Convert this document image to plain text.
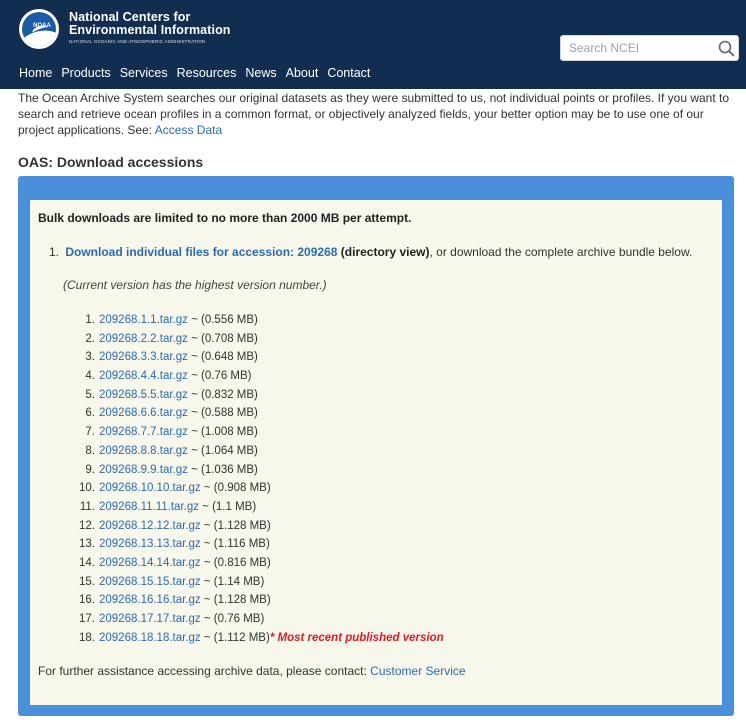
NOAA
National Centers for
Environmental Information
NATIONAL OCEANIC AND ATMOSPHERIC ADMINISTRATION
Search NCEI
Home Products Services Resources News About Contact

The Ocean Archive System searches our original datasets as they were submitted to us, not individual points or profiles. If you want to search and retrieve ocean profiles in a common format, or objectively analyzed fields, your better option may be to use one of our project applications. See: Access Data

OAS: Download accessions
Bulk downloads are limited to no more than 2000 MB per attempt.
1. Download individual files for accession: 209268 (directory view), or download the complete archive bundle below.
(Current version has the highest version number.)
1. 209268.1.1.tar.gz ~ (0.556 MB)
2. 209268.2.2.tar.gz ~ (0.708 MB)
3. 209268.3.3.tar.gz ~ (0.648 MB)
4. 209268.4.4.tar.gz ~ (0.76 MB)
5. 209268.5.5.tar.gz ~ (0.832 MB)
6. 209268.6.6.tar.gz ~ (0.588 MB)
7. 209268.7.7.tar.gz ~ (1.008 MB)
8. 209268.8.8.tar.gz ~ (1.064 MB)
9. 209268.9.9.tar.gz ~ (1.036 MB)
10. 209268.10.10.tar.gz ~ (0.908 MB)
11. 209268.11.11.tar.gz ~ (1.1 MB)
12. 209268.12.12.tar.gz ~ (1.128 MB)
13. 209268.13.13.tar.gz ~ (1.116 MB)
14. 209268.14.14.tar.gz ~ (0.816 MB)
15. 209268.15.15.tar.gz ~ (1.14 MB)
16. 209268.16.16.tar.gz ~ (1.128 MB)
17. 209268.17.17.tar.gz ~ (0.76 MB)
18. 209268.18.18.tar.gz ~ (1.112 MB)* Most recent published version
For further assistance accessing archive data, please contact: Customer Service
